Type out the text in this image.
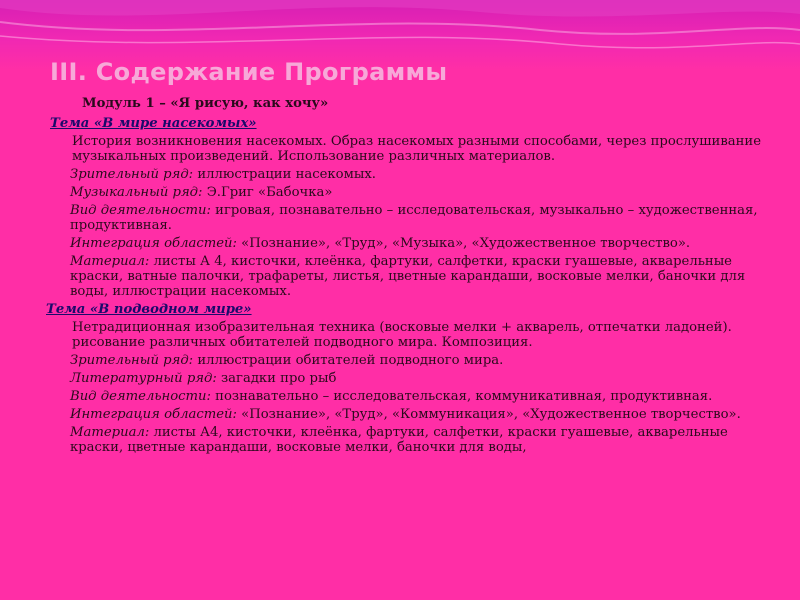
III. Содержание Программы

Модуль 1 – «Я рисую, как хочу»

Тема «В мире насекомых»

История возникновения насекомых. Образ насекомых разными способами, через прослушивание музыкальных произведений. Использование различных материалов.

Зрительный ряд: иллюстрации насекомых.

Музыкальный ряд: Э.Григ «Бабочка»

Вид деятельности: игровая, познавательно – исследовательская, музыкально – художественная, продуктивная.

Интеграция областей: «Познание», «Труд», «Музыка», «Художественное творчество».

Материал: листы А 4, кисточки, клеёнка, фартуки, салфетки, краски гуашевые, акварельные краски, ватные палочки, трафареты, листья, цветные карандаши, восковые мелки, баночки для воды, иллюстрации насекомых.

Тема «В подводном мире»

Нетрадиционная изобразительная техника (восковые мелки + акварель, отпечатки ладоней). рисование различных обитателей подводного мира. Композиция.

Зрительный ряд: иллюстрации обитателей подводного мира.

Литературный ряд: загадки про рыб

Вид деятельности: познавательно – исследовательская, коммуникативная, продуктивная.

Интеграция областей: «Познание», «Труд», «Коммуникация», «Художественное творчество».

Материал: листы А4, кисточки, клеёнка, фартуки, салфетки, краски гуашевые, акварельные краски, цветные карандаши, восковые мелки, баночки для воды,
